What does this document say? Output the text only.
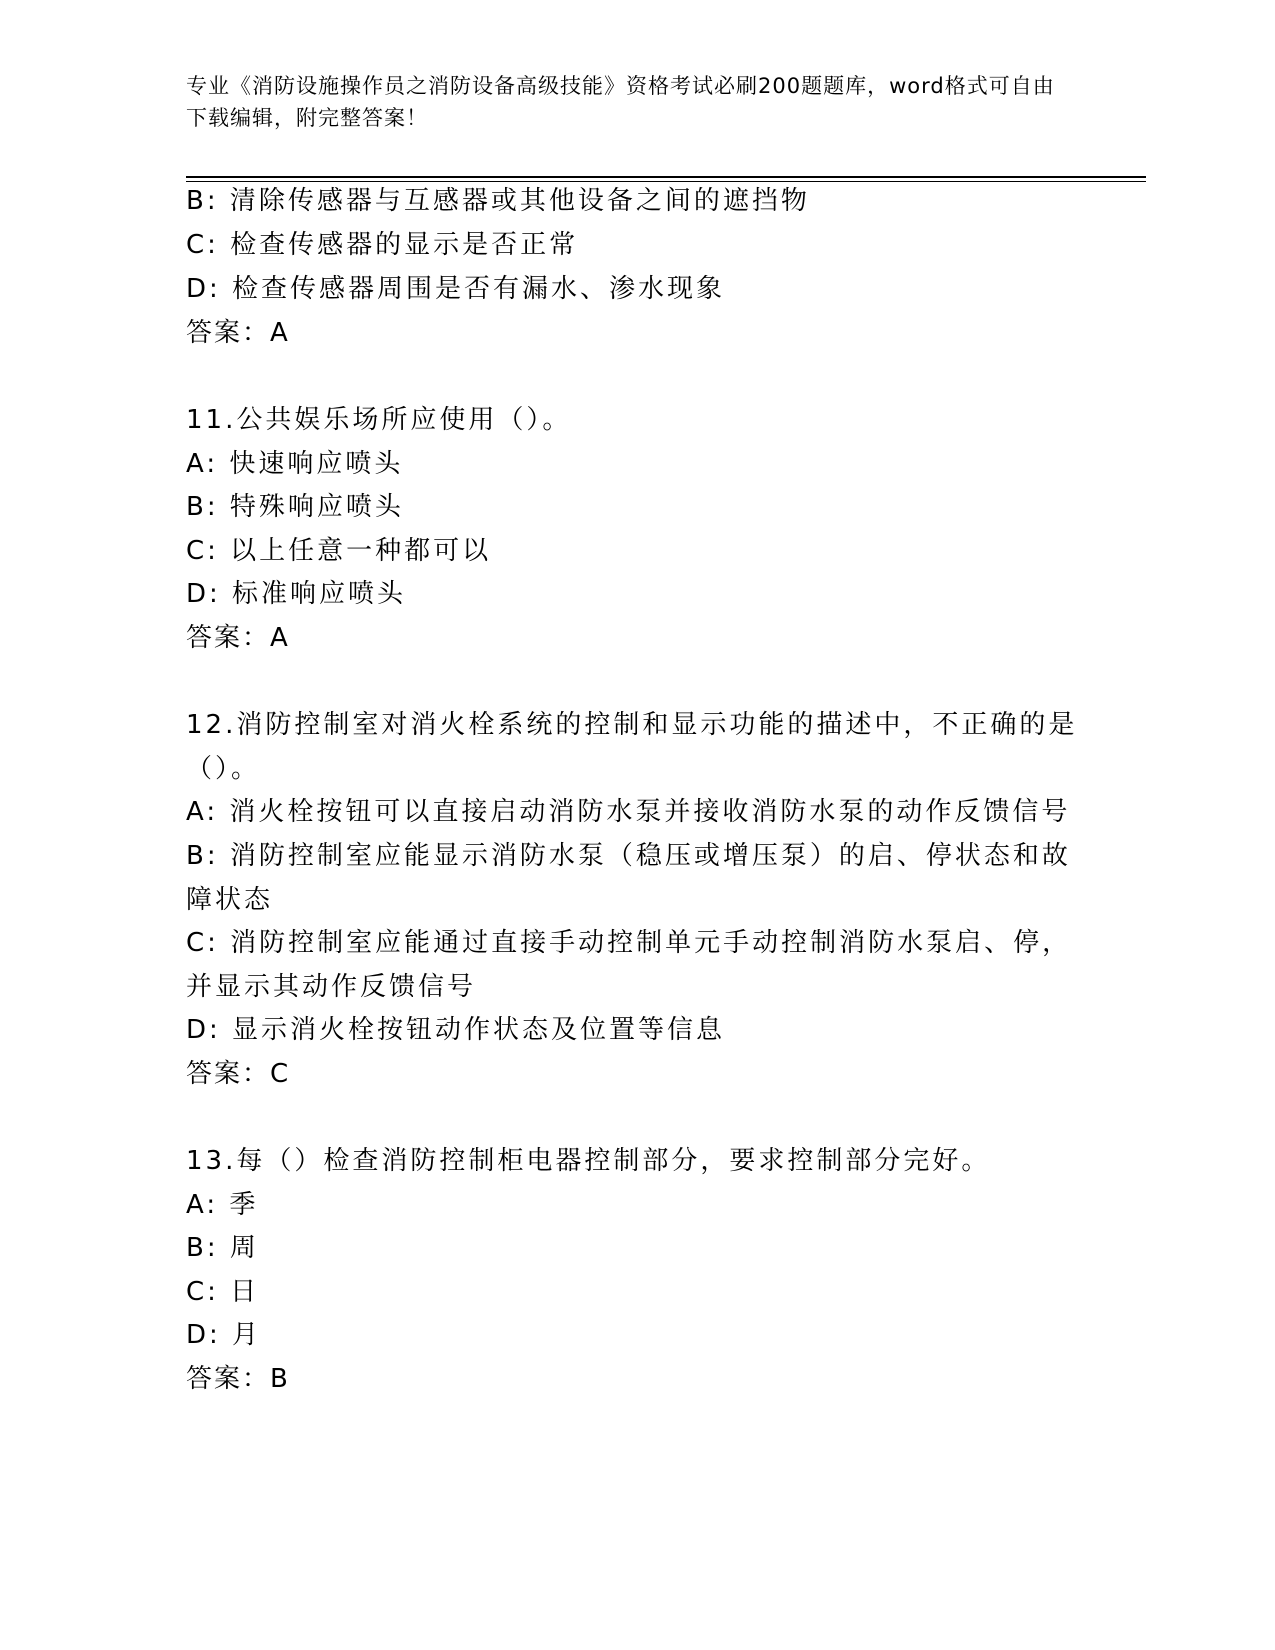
专业《消防设施操作员之消防设备高级技能》资格考试必刷200题题库，word格式可自由下载编辑，附完整答案！
B: 清除传感器与互感器或其他设备之间的遮挡物
C: 检查传感器的显示是否正常
D: 检查传感器周围是否有漏水、渗水现象
答案：A
11.公共娱乐场所应使用（）。
A: 快速响应喷头
B: 特殊响应喷头
C: 以上任意一种都可以
D: 标准响应喷头
答案：A
12.消防控制室对消火栓系统的控制和显示功能的描述中，不正确的是
（）。
A: 消火栓按钮可以直接启动消防水泵并接收消防水泵的动作反馈信号
B: 消防控制室应能显示消防水泵（稳压或增压泵）的启、停状态和故
障状态
C: 消防控制室应能通过直接手动控制单元手动控制消防水泵启、停，
并显示其动作反馈信号
D: 显示消火栓按钮动作状态及位置等信息
答案：C
13.每（）检查消防控制柜电器控制部分，要求控制部分完好。
A: 季
B: 周
C: 日
D: 月
答案：B
